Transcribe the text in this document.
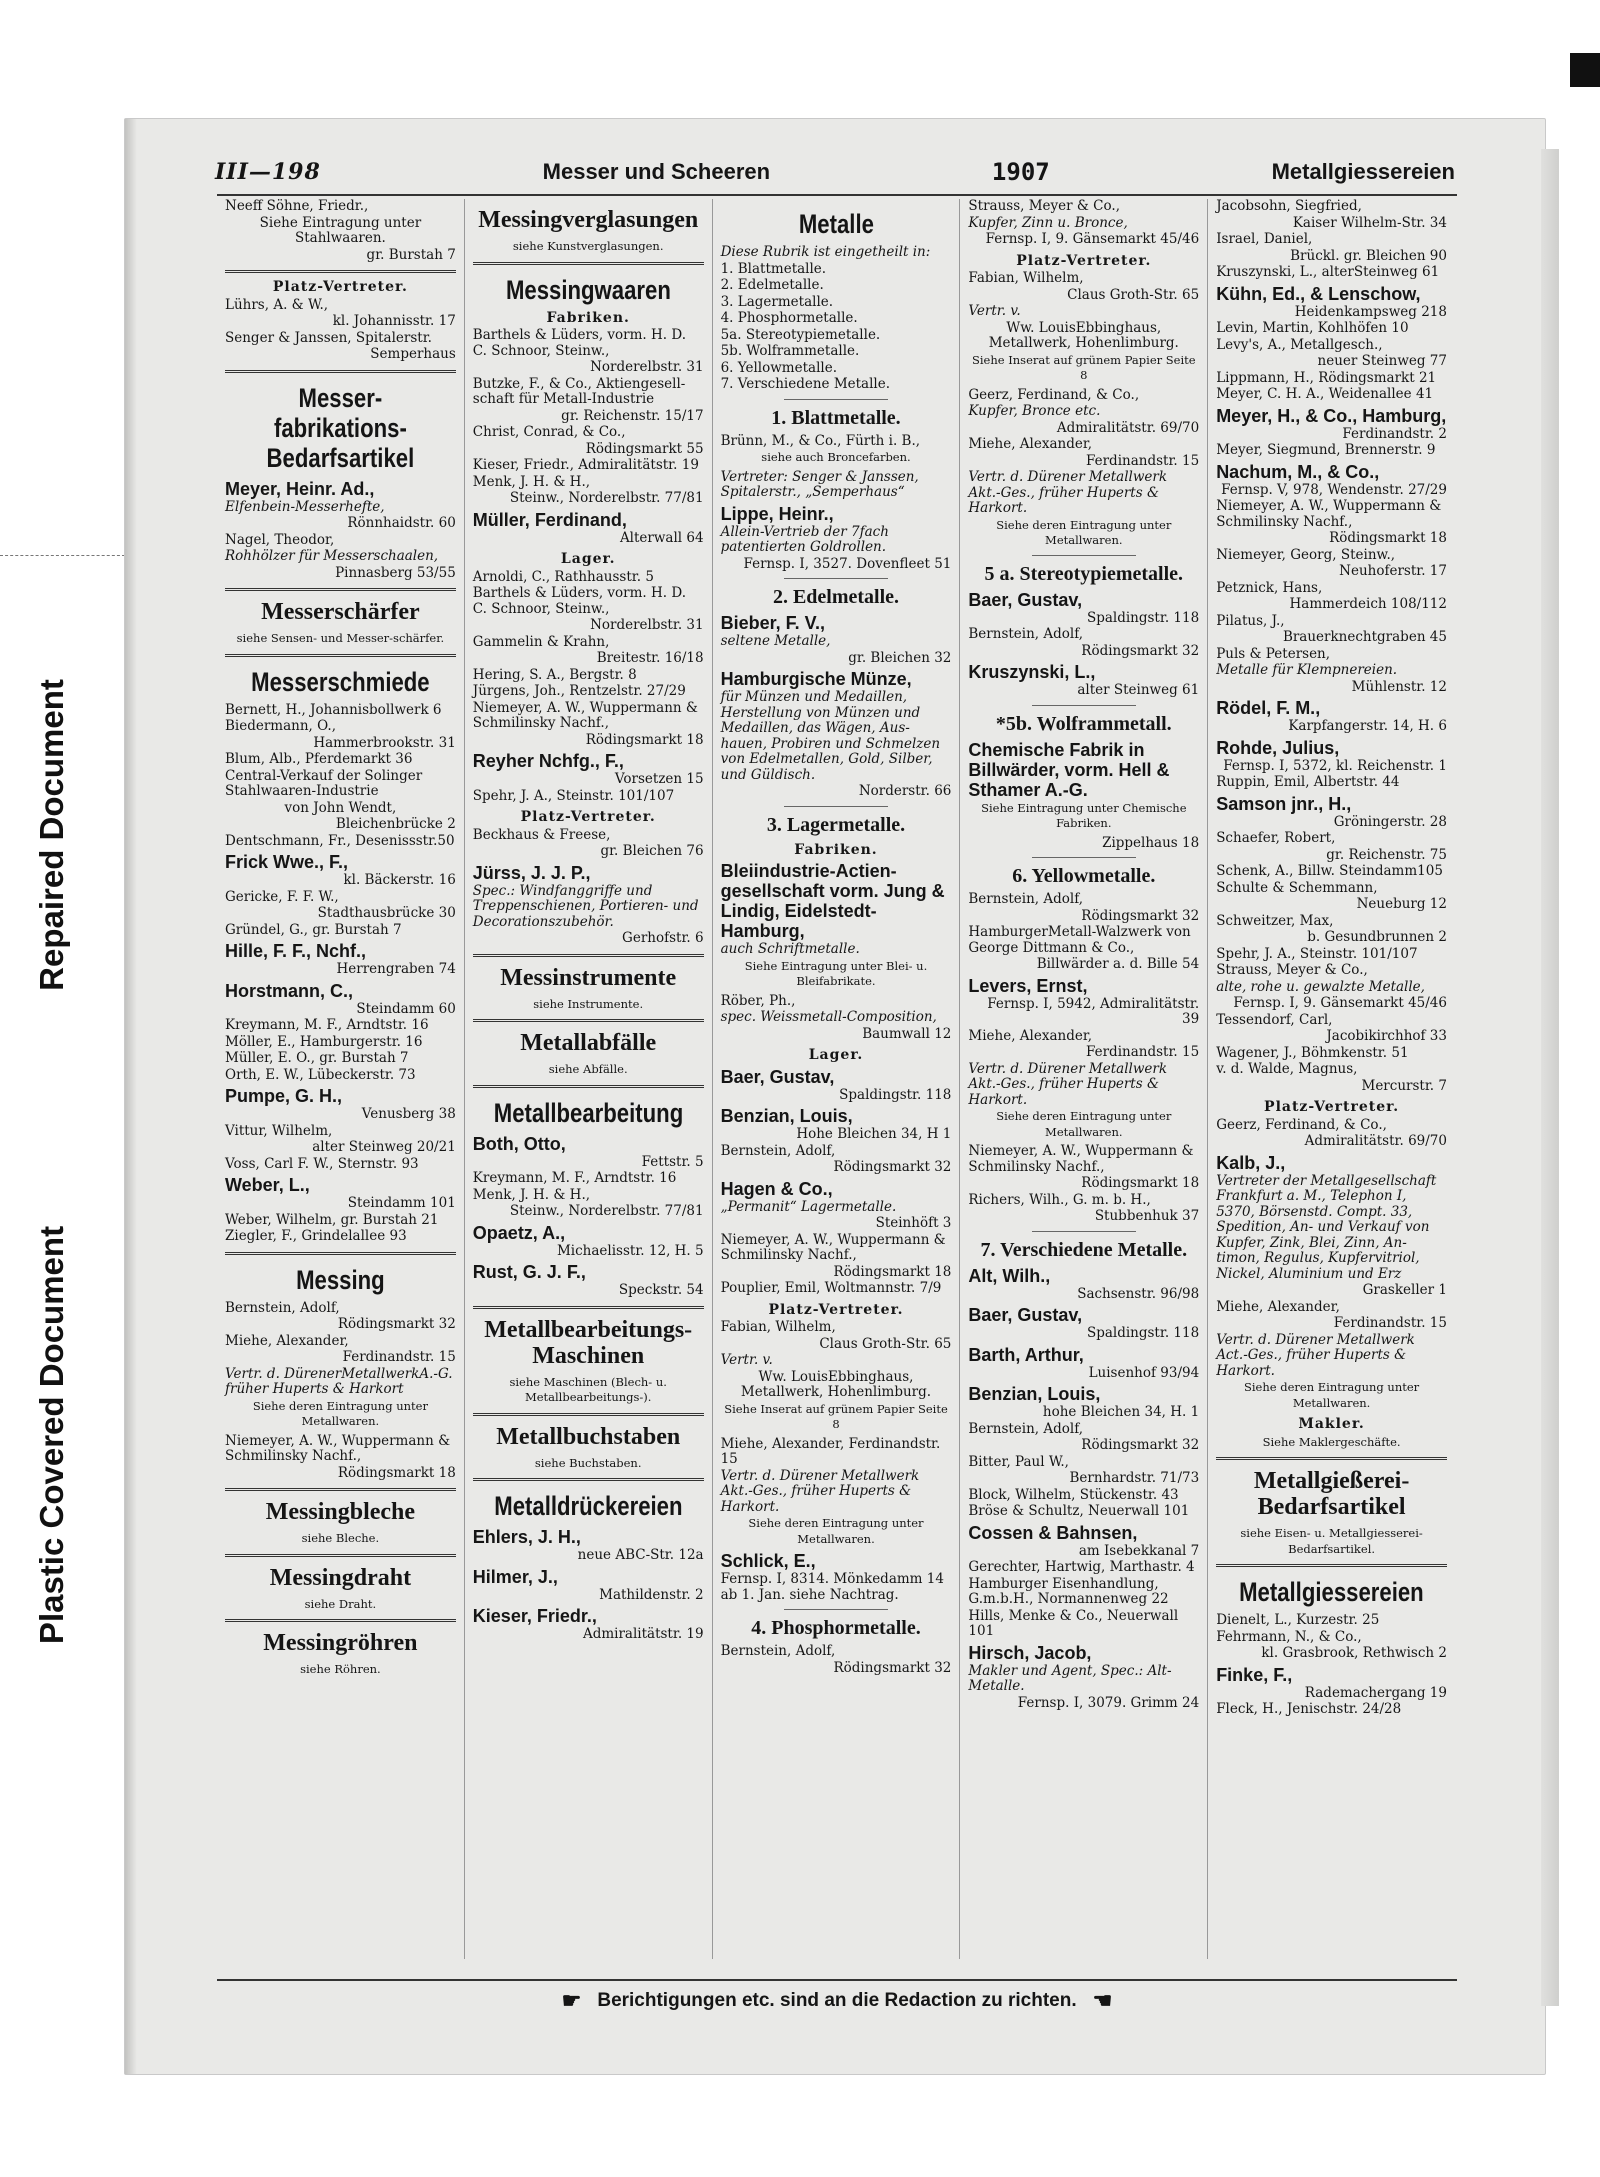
Repaired Document
Plastic Covered Document
III—198	Messer und Scheeren	1907	Metallgiessereien
Neeff Söhne, Friedr.,
Siehe Eintragung unter Stahlwaaren.
gr. Burstah 7
Platz-Vertreter.
Lührs, A. & W.,
kl. Johannisstr. 17
Senger & Janssen, Spitalerstr.
Semperhaus
Messer-fabrikations-Bedarfsartikel
Meyer, Heinr. Ad.,
Elfenbein-Messerhefte,
Rönnhaidstr. 60
Nagel, Theodor,
Rohhölzer für Messerschaalen,
Pinnasberg 53/55
Messerschärfer
siehe Sensen- und Messer-schärfer.
Messerschmiede
Bernett, H., Johannisbollwerk 6
Biedermann, O.,
Hammerbrookstr. 31
Blum, Alb., Pferdemarkt 36
Central-Verkauf der Solinger Stahlwaaren-Industrie
von John Wendt,
Bleichenbrücke 2
Dentschmann, Fr., Desenissstr.50
Frick Wwe., F.,
kl. Bäckerstr. 16
Gericke, F. F. W.,
Stadthausbrücke 30
Gründel, G., gr. Burstah 7
Hille, F. F., Nchf.,
Herrengraben 74
Horstmann, C.,
Steindamm 60
Kreymann, M. F., Arndtstr. 16
Möller, E., Hamburgerstr. 16
Müller, E. O., gr. Burstah 7
Orth, E. W., Lübeckerstr. 73
Pumpe, G. H.,
Venusberg 38
Vittur, Wilhelm,
alter Steinweg 20/21
Voss, Carl F. W., Sternstr. 93
Weber, L.,
Steindamm 101
Weber, Wilhelm, gr. Burstah 21
Ziegler, F., Grindelallee 93
Messing
Bernstein, Adolf,
Rödingsmarkt 32
Miehe, Alexander,
Ferdinandstr. 15
Vertr. d. DürenerMetallwerkA.-G. früher Huperts & Harkort
Siehe deren Eintragung unter Metallwaren.
Niemeyer, A. W., Wuppermann & Schmilinsky Nachf.,
Rödingsmarkt 18
Messingbleche
siehe Bleche.
Messingdraht
siehe Draht.
Messingröhren
siehe Röhren.
Messingverglasungen
siehe Kunstverglasungen.
Messingwaaren
Fabriken.
Barthels & Lüders, vorm. H. D. C. Schnoor, Steinw.,
Norderelbstr. 31
Butzke, F., & Co., Aktiengesell-schaft für Metall-Industrie
gr. Reichenstr. 15/17
Christ, Conrad, & Co.,
Rödingsmarkt 55
Kieser, Friedr., Admiralitätstr. 19
Menk, J. H. & H.,
Steinw., Norderelbstr. 77/81
Müller, Ferdinand,
Alterwall 64
Lager.
Arnoldi, C., Rathhausstr. 5
Barthels & Lüders, vorm. H. D. C. Schnoor, Steinw.,
Norderelbstr. 31
Gammelin & Krahn,
Breitestr. 16/18
Hering, S. A., Bergstr. 8
Jürgens, Joh., Rentzelstr. 27/29
Niemeyer, A. W., Wuppermann & Schmilinsky Nachf.,
Rödingsmarkt 18
Reyher Nchfg., F.,
Vorsetzen 15
Spehr, J. A., Steinstr. 101/107
Platz-Vertreter.
Beckhaus & Freese,
gr. Bleichen 76
Jürss, J. J. P.,
Spec.: Windfanggriffe und Treppenschienen, Portieren- und Decorationszubehör.
Gerhofstr. 6
Messinstrumente
siehe Instrumente.
Metallabfälle
siehe Abfälle.
Metallbearbeitung
Both, Otto,
Fettstr. 5
Kreymann, M. F., Arndtstr. 16
Menk, J. H. & H.,
Steinw., Norderelbstr. 77/81
Opaetz, A.,
Michaelisstr. 12, H. 5
Rust, G. J. F.,
Speckstr. 54
Metallbearbeitungs-Maschinen
siehe Maschinen (Blech- u. Metallbearbeitungs-).
Metallbuchstaben
siehe Buchstaben.
Metalldrückereien
Ehlers, J. H.,
neue ABC-Str. 12a
Hilmer, J.,
Mathildenstr. 2
Kieser, Friedr.,
Admiralitätstr. 19
Metalle
Diese Rubrik ist eingetheilt in:
1. Blattmetalle.
2. Edelmetalle.
3. Lagermetalle.
4. Phosphormetalle.
5a. Stereotypiemetalle.
5b. Wolframmetalle.
6. Yellowmetalle.
7. Verschiedene Metalle.
1. Blattmetalle.
Brünn, M., & Co., Fürth i. B.,
siehe auch Broncefarben.
Vertreter: Senger & Janssen, Spitalerstr., „Semperhaus“
Lippe, Heinr.,
Allein-Vertrieb der 7fach patentierten Goldrollen.
Fernsp. I, 3527. Dovenfleet 51
2. Edelmetalle.
Bieber, F. V.,
seltene Metalle,
gr. Bleichen 32
Hamburgische Münze,
für Münzen und Medaillen, Herstellung von Münzen und Medaillen, das Wägen, Aus-hauen, Probiren und Schmelzen von Edelmetallen, Gold, Silber, und Güldisch.
Norderstr. 66
3. Lagermetalle.
Fabriken.
Bleiindustrie-Actien-gesellschaft vorm. Jung & Lindig, Eidelstedt-Hamburg,
auch Schriftmetalle.
Siehe Eintragung unter Blei- u. Bleifabrikate.
Röber, Ph.,
spec. Weissmetall-Composition,
Baumwall 12
Lager.
Baer, Gustav,
Spaldingstr. 118
Benzian, Louis,
Hohe Bleichen 34, H 1
Bernstein, Adolf,
Rödingsmarkt 32
Hagen & Co.,
„Permanit“ Lagermetalle.
Steinhöft 3
Niemeyer, A. W., Wuppermann & Schmilinsky Nachf.,
Rödingsmarkt 18
Pouplier, Emil, Woltmannstr. 7/9
Platz-Vertreter.
Fabian, Wilhelm,
Claus Groth-Str. 65
Vertr. v.
Ww. LouisEbbinghaus, Metallwerk, Hohenlimburg.
Siehe Inserat auf grünem Papier Seite 8
Miehe, Alexander, Ferdinandstr. 15
Vertr. d. Dürener Metallwerk Akt.-Ges., früher Huperts & Harkort.
Siehe deren Eintragung unter Metallwaren.
Schlick, E.,
Fernsp. I, 8314. Mönkedamm 14 ab 1. Jan. siehe Nachtrag.
4. Phosphormetalle.
Bernstein, Adolf,
Rödingsmarkt 32
Strauss, Meyer & Co.,
Kupfer, Zinn u. Bronce,
Fernsp. I, 9. Gänsemarkt 45/46
Platz-Vertreter.
Fabian, Wilhelm,
Claus Groth-Str. 65
Vertr. v.
Ww. LouisEbbinghaus, Metallwerk, Hohenlimburg.
Siehe Inserat auf grünem Papier Seite 8
Geerz, Ferdinand, & Co.,
Kupfer, Bronce etc.
Admiralitätstr. 69/70
Miehe, Alexander,
Ferdinandstr. 15
Vertr. d. Dürener Metallwerk Akt.-Ges., früher Huperts & Harkort.
Siehe deren Eintragung unter Metallwaren.
5 a. Stereotypiemetalle.
Baer, Gustav,
Spaldingstr. 118
Bernstein, Adolf,
Rödingsmarkt 32
Kruszynski, L.,
alter Steinweg 61
*5b. Wolframmetall.
Chemische Fabrik in Billwärder, vorm. Hell & Sthamer A.-G.
Siehe Eintragung unter Chemische Fabriken.
Zippelhaus 18
6. Yellowmetalle.
Bernstein, Adolf,
Rödingsmarkt 32
HamburgerMetall-Walzwerk von George Dittmann & Co.,
Billwärder a. d. Bille 54
Levers, Ernst,
Fernsp. I, 5942, Admiralitätstr. 39
Miehe, Alexander,
Ferdinandstr. 15
Vertr. d. Dürener Metallwerk Akt.-Ges., früher Huperts & Harkort.
Siehe deren Eintragung unter Metallwaren.
Niemeyer, A. W., Wuppermann & Schmilinsky Nachf.,
Rödingsmarkt 18
Richers, Wilh., G. m. b. H.,
Stubbenhuk 37
7. Verschiedene Metalle.
Alt, Wilh.,
Sachsenstr. 96/98
Baer, Gustav,
Spaldingstr. 118
Barth, Arthur,
Luisenhof 93/94
Benzian, Louis,
hohe Bleichen 34, H. 1
Bernstein, Adolf,
Rödingsmarkt 32
Bitter, Paul W.,
Bernhardstr. 71/73
Block, Wilhelm, Stückenstr. 43
Bröse & Schultz, Neuerwall 101
Cossen & Bahnsen,
am Isebekkanal 7
Gerechter, Hartwig, Marthastr. 4
Hamburger Eisenhandlung, G.m.b.H., Normannenweg 22
Hills, Menke & Co., Neuerwall 101
Hirsch, Jacob,
Makler und Agent, Spec.: Alt-Metalle.
Fernsp. I, 3079. Grimm 24
Jacobsohn, Siegfried,
Kaiser Wilhelm-Str. 34
Israel, Daniel,
Brückl. gr. Bleichen 90
Kruszynski, L., alterSteinweg 61
Kühn, Ed., & Lenschow,
Heidenkampsweg 218
Levin, Martin, Kohlhöfen 10
Levy's, A., Metallgesch.,
neuer Steinweg 77
Lippmann, H., Rödingsmarkt 21
Meyer, C. H. A., Weidenallee 41
Meyer, H., & Co., Hamburg,
Ferdinandstr. 2
Meyer, Siegmund, Brennerstr. 9
Nachum, M., & Co.,
Fernsp. V, 978, Wendenstr. 27/29
Niemeyer, A. W., Wuppermann & Schmilinsky Nachf.,
Rödingsmarkt 18
Niemeyer, Georg, Steinw.,
Neuhoferstr. 17
Petznick, Hans,
Hammerdeich 108/112
Pilatus, J.,
Brauerknechtgraben 45
Puls & Petersen,
Metalle für Klempnereien.
Mühlenstr. 12
Rödel, F. M.,
Karpfangerstr. 14, H. 6
Rohde, Julius,
Fernsp. I, 5372, kl. Reichenstr. 1
Ruppin, Emil, Albertstr. 44
Samson jnr., H.,
Gröningerstr. 28
Schaefer, Robert,
gr. Reichenstr. 75
Schenk, A., Billw. Steindamm105
Schulte & Schemmann,
Neueburg 12
Schweitzer, Max,
b. Gesundbrunnen 2
Spehr, J. A., Steinstr. 101/107
Strauss, Meyer & Co.,
alte, rohe u. gewalzte Metalle,
Fernsp. I, 9. Gänsemarkt 45/46
Tessendorf, Carl,
Jacobikirchhof 33
Wagener, J., Böhmkenstr. 51
v. d. Walde, Magnus,
Mercurstr. 7
Platz-Vertreter.
Geerz, Ferdinand, & Co.,
Admiralitätstr. 69/70
Kalb, J.,
Vertreter der Metallgesellschaft Frankfurt a. M., Telephon I, 5370, Börsenstd. Compt. 33, Spedition, An- und Verkauf von Kupfer, Zink, Blei, Zinn, An-timon, Regulus, Kupfervitriol, Nickel, Aluminium und Erz
Graskeller 1
Miehe, Alexander,
Ferdinandstr. 15
Vertr. d. Dürener Metallwerk Act.-Ges., früher Huperts & Harkort.
Siehe deren Eintragung unter Metallwaren.
Makler.
Siehe Maklergeschäfte.
Metallgießerei-Bedarfsartikel
siehe Eisen- u. Metallgiesserei-Bedarfsartikel.
Metallgiessereien
Dienelt, L., Kurzestr. 25
Fehrmann, N., & Co.,
kl. Grasbrook, Rethwisch 2
Finke, F.,
Rademachergang 19
Fleck, H., Jenischstr. 24/28
☛ Berichtigungen etc. sind an die Redaction zu richten. ☚
